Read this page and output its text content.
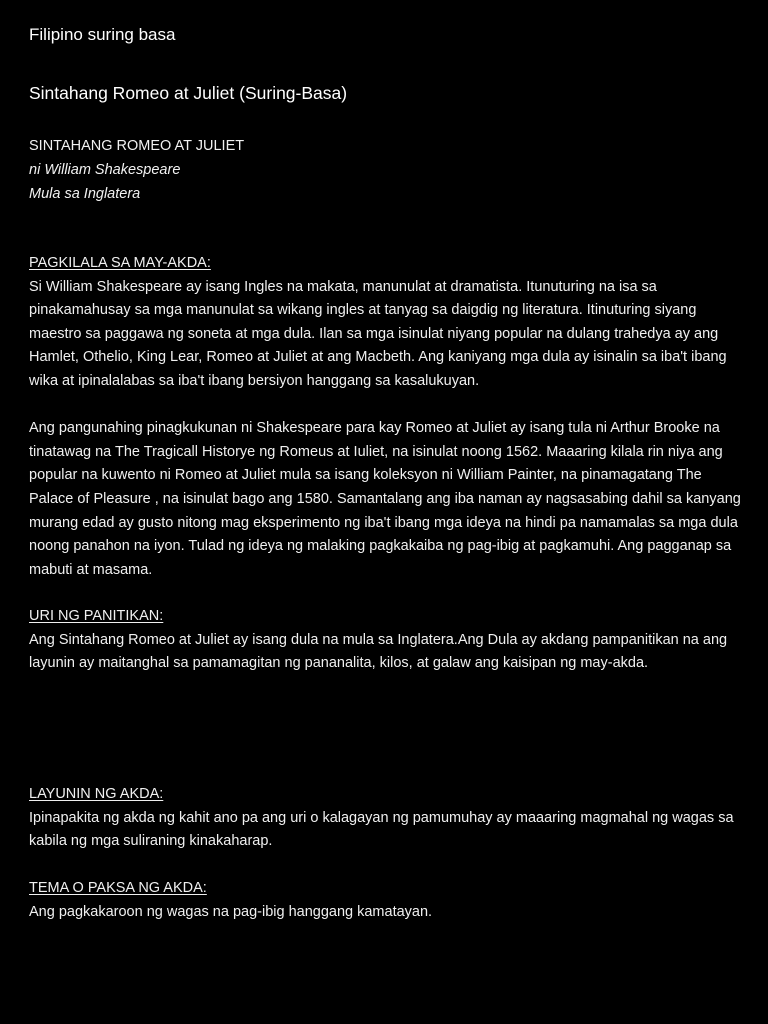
Filipino suring basa
Sintahang Romeo at Juliet (Suring-Basa)
SINTAHANG ROMEO AT JULIET
ni William Shakespeare
Mula sa Inglatera
PAGKILALA SA MAY-AKDA:

Si William Shakespeare ay isang Ingles na makata, manunulat at dramatista. Itunuturing na isa sa pinakamahusay sa mga manunulat sa wikang ingles at tanyag sa daigdig ng literatura. Itinuturing siyang maestro sa paggawa ng soneta at mga dula. Ilan sa mga isinulat niyang popular na dulang trahedya ay ang Hamlet, Othelio, King Lear, Romeo at Juliet at ang Macbeth. Ang kaniyang mga dula ay isinalin sa iba't ibang wika at ipinalalabas sa iba't ibang bersiyon hanggang sa kasalukuyan.

Ang pangunahing pinagkukunan ni Shakespeare para kay Romeo at Juliet ay isang tula ni Arthur Brooke na tinatawag na The Tragicall Historye ng Romeus at Iuliet, na isinulat noong 1562. Maaaring kilala rin niya ang popular na kuwento ni Romeo at Juliet mula sa isang koleksyon ni William Painter, na pinamagatang The Palace of Pleasure , na isinulat bago ang 1580. Samantalang ang iba naman ay nagsasabing dahil sa kanyang murang edad ay gusto nitong mag eksperimento ng iba't ibang mga ideya na hindi pa namamalas sa mga dula noong panahon na iyon. Tulad ng ideya ng malaking pagkakaiba ng pag-ibig at pagkamuhi. Ang pagganap sa mabuti at masama.

URI NG PANITIKAN:

Ang Sintahang Romeo at Juliet ay isang dula na mula sa Inglatera.Ang Dula ay akdang pampanitikan na ang layunin ay maitanghal sa pamamagitan ng pananalita, kilos, at galaw ang kaisipan ng may-akda.

LAYUNIN NG AKDA:

Ipinapakita ng akda ng kahit ano pa ang uri o kalagayan ng pamumuhay ay maaaring magmahal ng wagas sa kabila ng mga suliraning kinakaharap.

TEMA O PAKSA NG AKDA:

Ang pagkakaroon ng wagas na pag-ibig hanggang kamatayan.
